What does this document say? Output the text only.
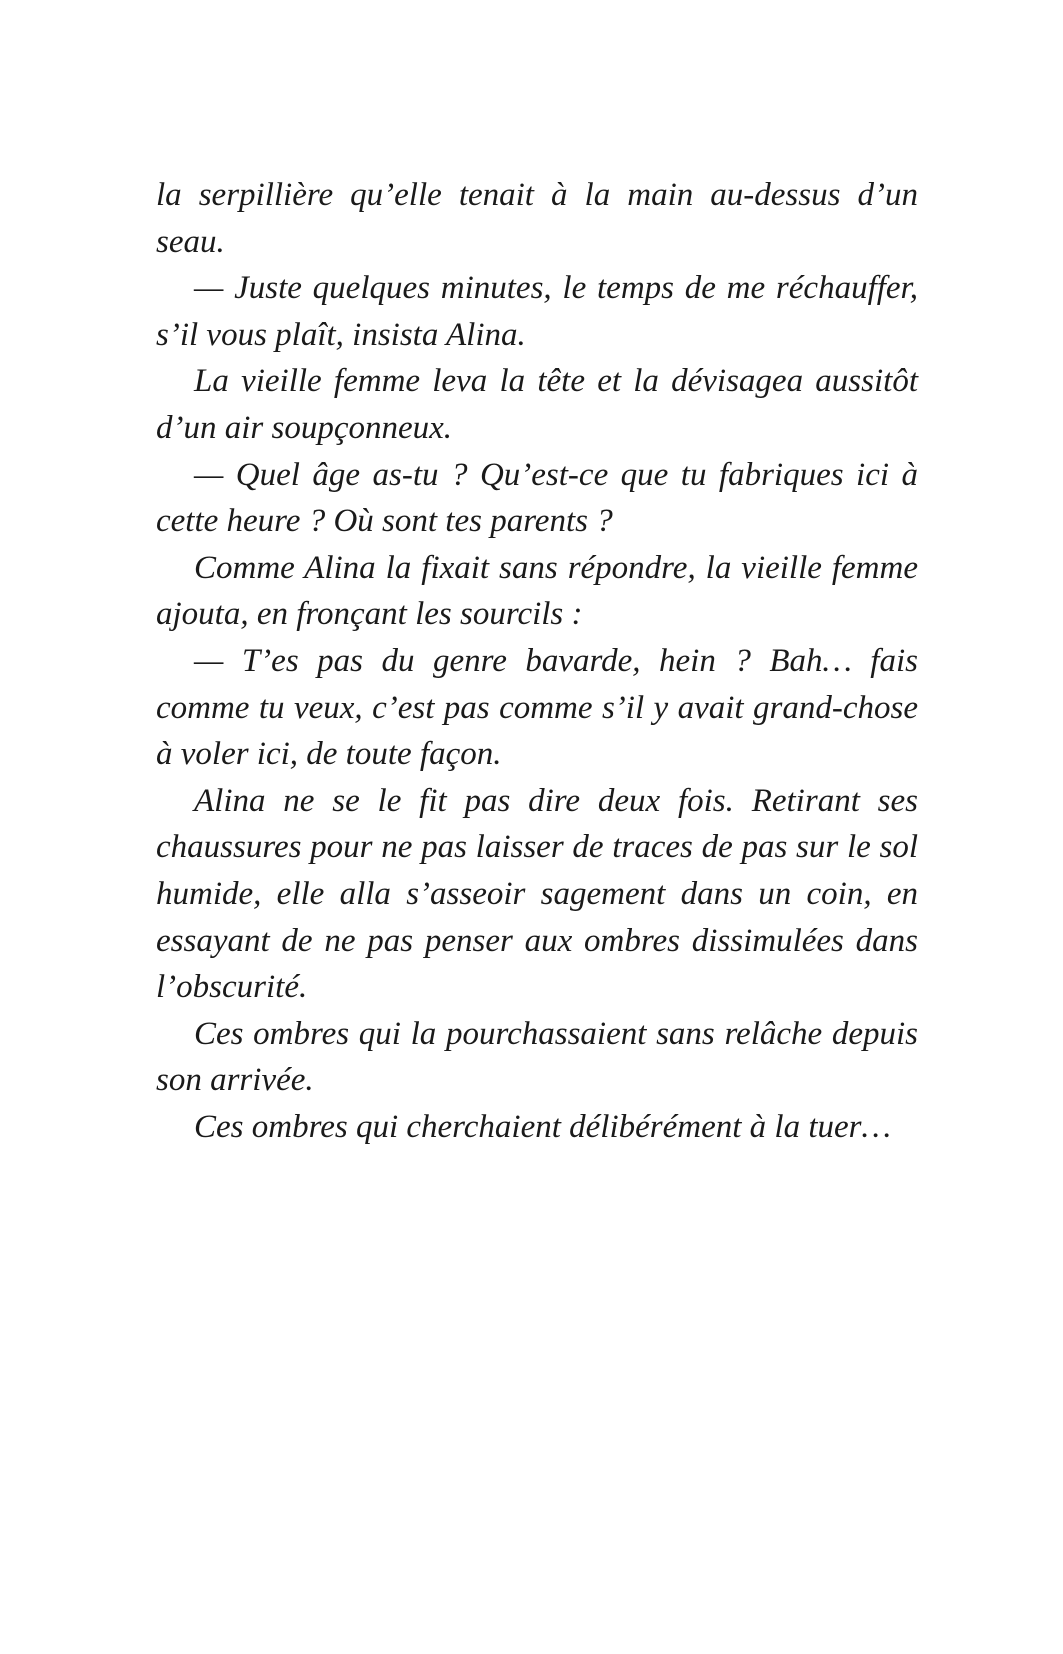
la serpillière qu’elle tenait à la main au-dessus d’un seau.

— Juste quelques minutes, le temps de me réchauffer, s’il vous plaît, insista Alina.

La vieille femme leva la tête et la dévisagea aussitôt d’un air soupçonneux.

— Quel âge as-tu ? Qu’est-ce que tu fabriques ici à cette heure ? Où sont tes parents ?

Comme Alina la fixait sans répondre, la vieille femme ajouta, en fronçant les sourcils :

— T’es pas du genre bavarde, hein ? Bah… fais comme tu veux, c’est pas comme s’il y avait grand-chose à voler ici, de toute façon.

Alina ne se le fit pas dire deux fois. Retirant ses chaussures pour ne pas laisser de traces de pas sur le sol humide, elle alla s’asseoir sagement dans un coin, en essayant de ne pas penser aux ombres dissimulées dans l’obscurité.

Ces ombres qui la pourchassaient sans relâche depuis son arrivée.

Ces ombres qui cherchaient délibérément à la tuer…
